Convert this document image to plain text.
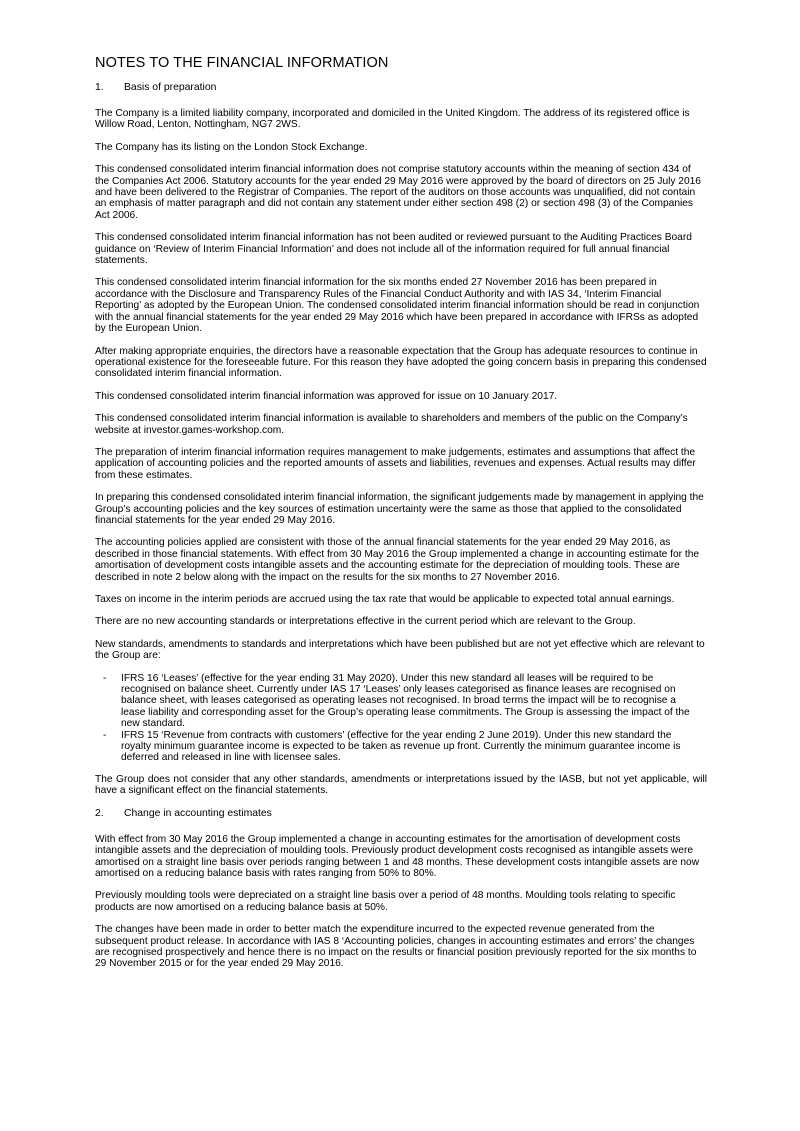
NOTES TO THE FINANCIAL INFORMATION
1.	Basis of preparation

The Company is a limited liability company, incorporated and domiciled in the United Kingdom. The address of its registered office is Willow Road, Lenton, Nottingham, NG7 2WS.

The Company has its listing on the London Stock Exchange.

This condensed consolidated interim financial information does not comprise statutory accounts within the meaning of section 434 of the Companies Act 2006. Statutory accounts for the year ended 29 May 2016 were approved by the board of directors on 25 July 2016 and have been delivered to the Registrar of Companies. The report of the auditors on those accounts was unqualified, did not contain an emphasis of matter paragraph and did not contain any statement under either section 498 (2) or section 498 (3) of the Companies Act 2006.

This condensed consolidated interim financial information has not been audited or reviewed pursuant to the Auditing Practices Board guidance on ‘Review of Interim Financial Information’ and does not include all of the information required for full annual financial statements.

This condensed consolidated interim financial information for the six months ended 27 November 2016 has been prepared in accordance with the Disclosure and Transparency Rules of the Financial Conduct Authority and with IAS 34, ‘Interim Financial Reporting’ as adopted by the European Union. The condensed consolidated interim financial information should be read in conjunction with the annual financial statements for the year ended 29 May 2016 which have been prepared in accordance with IFRSs as adopted by the European Union.

After making appropriate enquiries, the directors have a reasonable expectation that the Group has adequate resources to continue in operational existence for the foreseeable future. For this reason they have adopted the going concern basis in preparing this condensed consolidated interim financial information.

This condensed consolidated interim financial information was approved for issue on 10 January 2017.

This condensed consolidated interim financial information is available to shareholders and members of the public on the Company’s website at investor.games-workshop.com.

The preparation of interim financial information requires management to make judgements, estimates and assumptions that affect the application of accounting policies and the reported amounts of assets and liabilities, revenues and expenses. Actual results may differ from these estimates.

In preparing this condensed consolidated interim financial information, the significant judgements made by management in applying the Group’s accounting policies and the key sources of estimation uncertainty were the same as those that applied to the consolidated financial statements for the year ended 29 May 2016.

The accounting policies applied are consistent with those of the annual financial statements for the year ended 29 May 2016, as described in those financial statements. With effect from 30 May 2016 the Group implemented a change in accounting estimate for the amortisation of development costs intangible assets and the accounting estimate for the depreciation of moulding tools. These are described in note 2 below along with the impact on the results for the six months to 27 November 2016.

Taxes on income in the interim periods are accrued using the tax rate that would be applicable to expected total annual earnings.

There are no new accounting standards or interpretations effective in the current period which are relevant to the Group.

New standards, amendments to standards and interpretations which have been published but are not yet effective which are relevant to the Group are:

-	IFRS 16 ‘Leases’ (effective for the year ending 31 May 2020). Under this new standard all leases will be required to be recognised on balance sheet. Currently under IAS 17 ‘Leases’ only leases categorised as finance leases are recognised on balance sheet, with leases categorised as operating leases not recognised. In broad terms the impact will be to recognise a lease liability and corresponding asset for the Group’s operating lease commitments. The Group is assessing the impact of the new standard.
-	IFRS 15 ‘Revenue from contracts with customers’ (effective for the year ending 2 June 2019). Under this new standard the royalty minimum guarantee income is expected to be taken as revenue up front. Currently the minimum guarantee income is deferred and released in line with licensee sales.

The Group does not consider that any other standards, amendments or interpretations issued by the IASB, but not yet applicable, will have a significant effect on the financial statements.

2.	Change in accounting estimates

With effect from 30 May 2016 the Group implemented a change in accounting estimates for the amortisation of development costs intangible assets and the depreciation of moulding tools. Previously product development costs recognised as intangible assets were amortised on a straight line basis over periods ranging between 1 and 48 months. These development costs intangible assets are now amortised on a reducing balance basis with rates ranging from 50% to 80%.

Previously moulding tools were depreciated on a straight line basis over a period of 48 months. Moulding tools relating to specific products are now amortised on a reducing balance basis at 50%.

The changes have been made in order to better match the expenditure incurred to the expected revenue generated from the subsequent product release. In accordance with IAS 8 ‘Accounting policies, changes in accounting estimates and errors’ the changes are recognised prospectively and hence there is no impact on the results or financial position previously reported for the six months to 29 November 2015 or for the year ended 29 May 2016.
